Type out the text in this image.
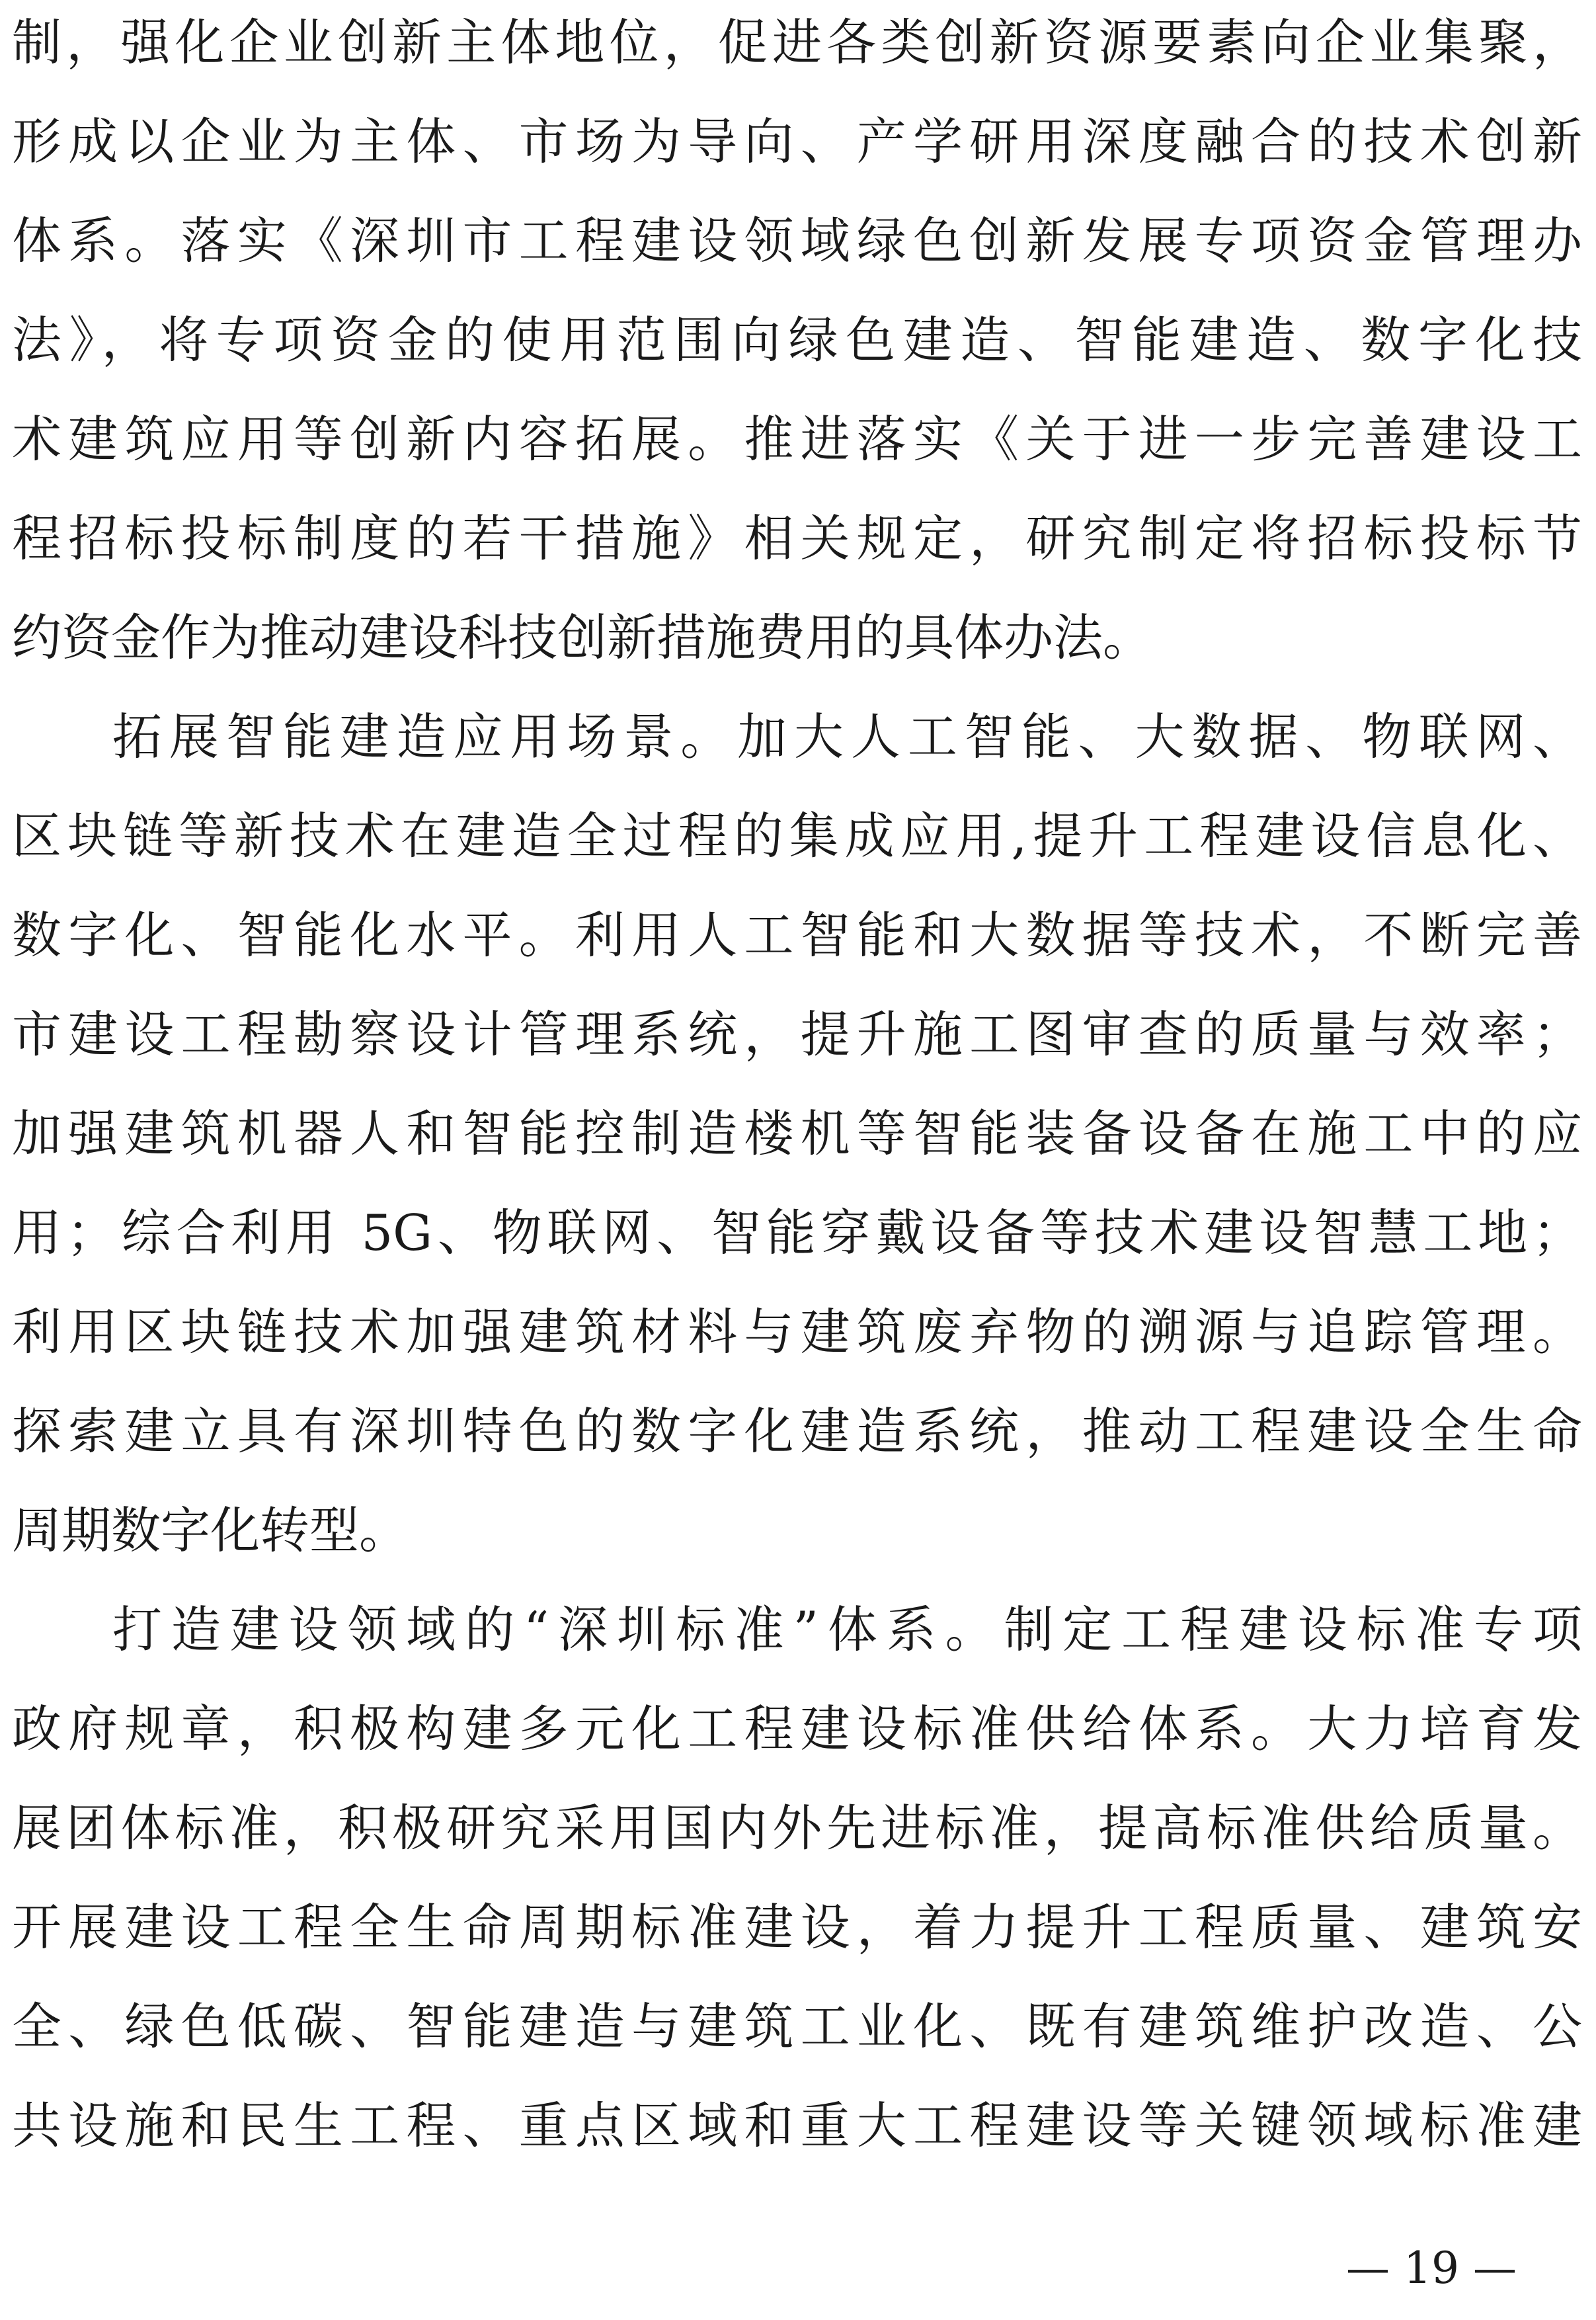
制，强化企业创新主体地位，促进各类创新资源要素向企业集聚，
形成以企业为主体、市场为导向、产学研用深度融合的技术创新
体系。落实《深圳市工程建设领域绿色创新发展专项资金管理办
法》，将专项资金的使用范围向绿色建造、智能建造、数字化技
术建筑应用等创新内容拓展。推进落实《关于进一步完善建设工
程招标投标制度的若干措施》相关规定，研究制定将招标投标节
约资金作为推动建设科技创新措施费用的具体办法。
拓展智能建造应用场景。加大人工智能、大数据、物联网、
区块链等新技术在建造全过程的集成应用,提升工程建设信息化、
数字化、智能化水平。利用人工智能和大数据等技术，不断完善
市建设工程勘察设计管理系统，提升施工图审查的质量与效率；
加强建筑机器人和智能控制造楼机等智能装备设备在施工中的应
用；综合利用 5G、物联网、智能穿戴设备等技术建设智慧工地；
利用区块链技术加强建筑材料与建筑废弃物的溯源与追踪管理。
探索建立具有深圳特色的数字化建造系统，推动工程建设全生命
周期数字化转型。
打造建设领域的“深圳标准”体系。制定工程建设标准专项
政府规章，积极构建多元化工程建设标准供给体系。大力培育发
展团体标准，积极研究采用国内外先进标准，提高标准供给质量。
开展建设工程全生命周期标准建设，着力提升工程质量、建筑安
全、绿色低碳、智能建造与建筑工业化、既有建筑维护改造、公
共设施和民生工程、重点区域和重大工程建设等关键领域标准建
— 19 —
